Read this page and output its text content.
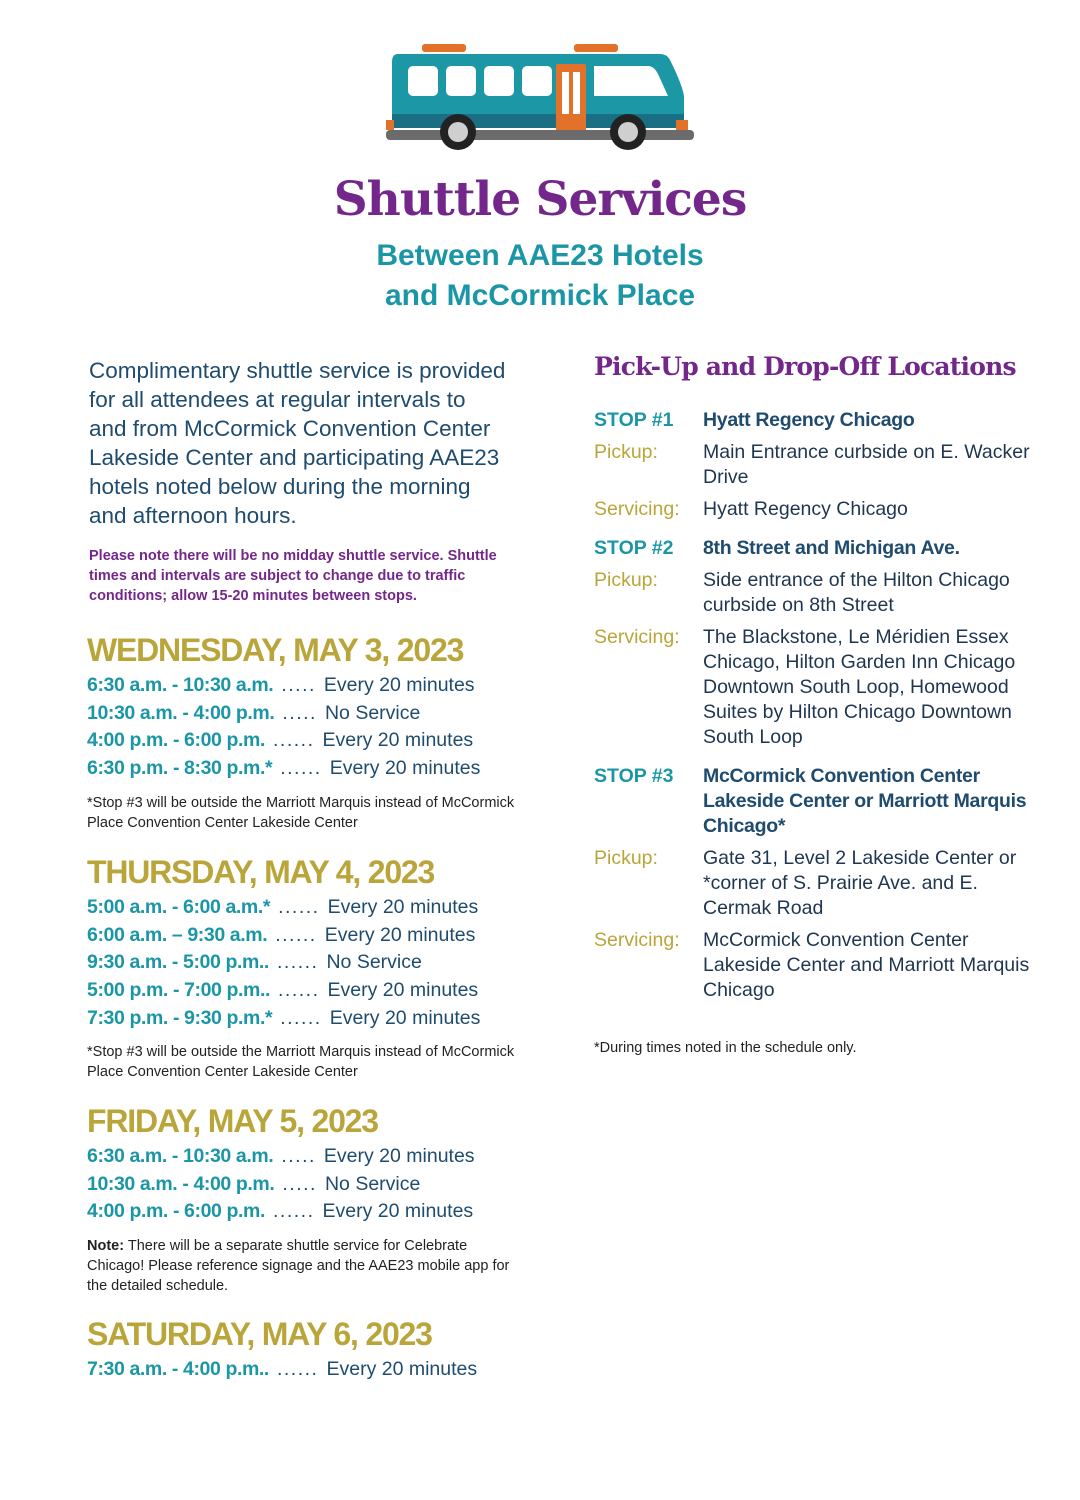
Shuttle Services
Between AAE23 Hotels
and McCormick Place

Complimentary shuttle service is provided for all attendees at regular intervals to and from McCormick Convention Center Lakeside Center and participating AAE23 hotels noted below during the morning and afternoon hours.

Please note there will be no midday shuttle service. Shuttle times and intervals are subject to change due to traffic conditions; allow 15-20 minutes between stops.

WEDNESDAY, MAY 3, 2023
6:30 a.m. - 10:30 a.m. ..... Every 20 minutes
10:30 a.m. - 4:00 p.m. ..... No Service
4:00 p.m. - 6:00 p.m. ...... Every 20 minutes
6:30 p.m. - 8:30 p.m.* ...... Every 20 minutes

*Stop #3 will be outside the Marriott Marquis instead of McCormick Place Convention Center Lakeside Center

THURSDAY, MAY 4, 2023
5:00 a.m. - 6:00 a.m.* ...... Every 20 minutes
6:00 a.m. – 9:30 a.m. ...... Every 20 minutes
9:30 a.m. - 5:00 p.m.. ...... No Service
5:00 p.m. - 7:00 p.m.. ...... Every 20 minutes
7:30 p.m. - 9:30 p.m.* ...... Every 20 minutes

*Stop #3 will be outside the Marriott Marquis instead of McCormick Place Convention Center Lakeside Center

FRIDAY, MAY 5, 2023
6:30 a.m. - 10:30 a.m. ..... Every 20 minutes
10:30 a.m. - 4:00 p.m. ..... No Service
4:00 p.m. - 6:00 p.m. ...... Every 20 minutes

Note: There will be a separate shuttle service for Celebrate Chicago! Please reference signage and the AAE23 mobile app for the detailed schedule.

SATURDAY, MAY 6, 2023
7:30 a.m. - 4:00 p.m.. ...... Every 20 minutes
Pick-Up and Drop-Off Locations
STOP #1	Hyatt Regency Chicago
Pickup:	Main Entrance curbside on E. Wacker Drive
Servicing:	Hyatt Regency Chicago
STOP #2	8th Street and Michigan Ave.
Pickup:	Side entrance of the Hilton Chicago curbside on 8th Street
Servicing:	The Blackstone, Le Méridien Essex Chicago, Hilton Garden Inn Chicago Downtown South Loop, Homewood Suites by Hilton Chicago Downtown South Loop
STOP #3	McCormick Convention Center Lakeside Center or Marriott Marquis Chicago*
Pickup:	Gate 31, Level 2 Lakeside Center or *corner of S. Prairie Ave. and E. Cermak Road
Servicing:	McCormick Convention Center Lakeside Center and Marriott Marquis Chicago

*During times noted in the schedule only.
